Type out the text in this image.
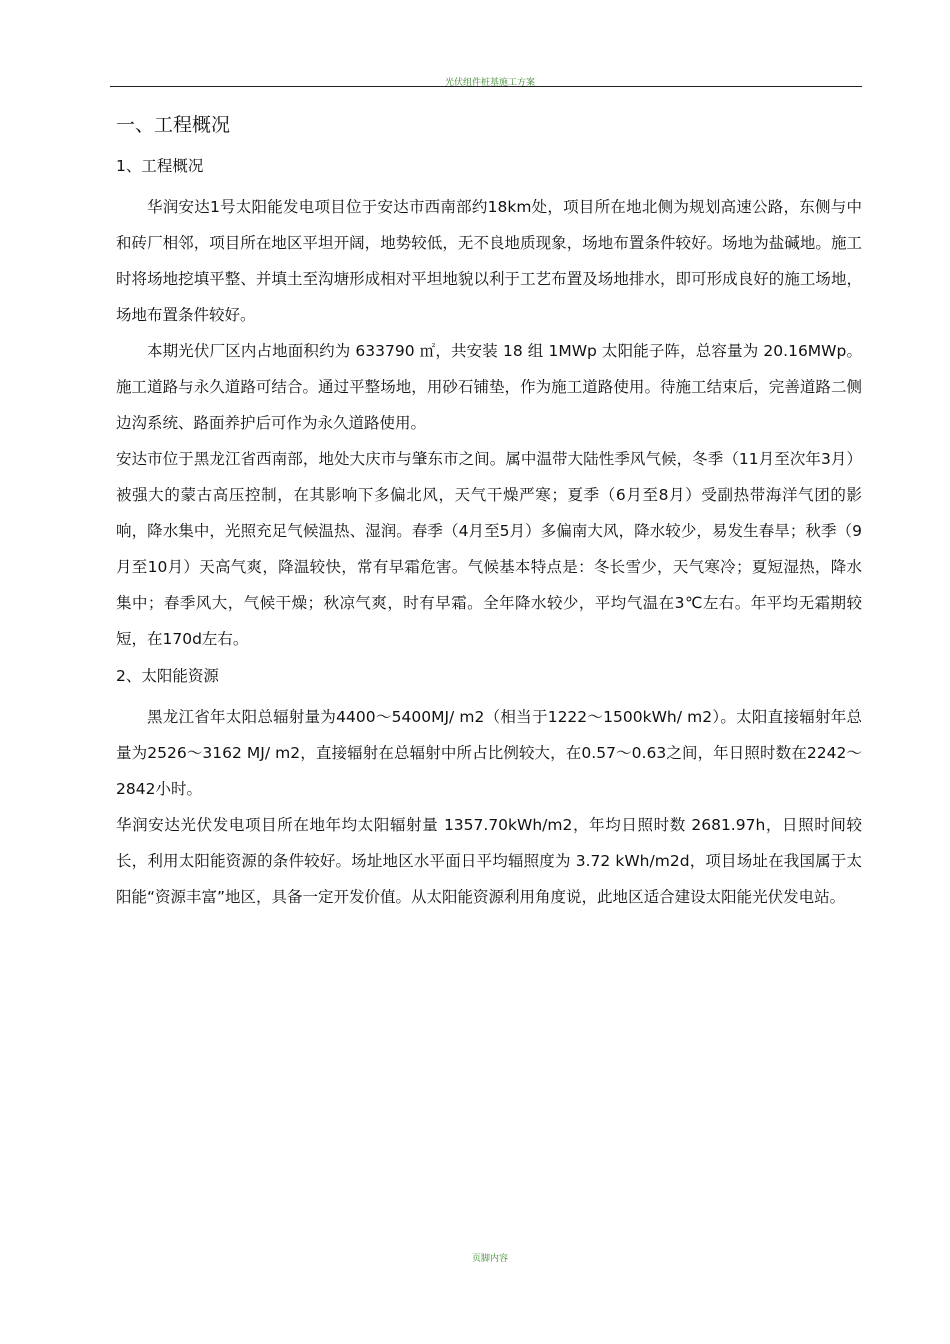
光伏组件桩基施工方案
一、工程概况
1、工程概况

华润安达1号太阳能发电项目位于安达市西南部约18km处，项目所在地北侧为规划高速公路，东侧与中和砖厂相邻，项目所在地区平坦开阔，地势较低，无不良地质现象，场地布置条件较好。场地为盐碱地。施工时将场地挖填平整、并填土至沟塘形成相对平坦地貌以利于工艺布置及场地排水，即可形成良好的施工场地，场地布置条件较好。

本期光伏厂区内占地面积约为 633790 ㎡，共安装 18 组 1MWp 太阳能子阵，总容量为 20.16MWp。施工道路与永久道路可结合。通过平整场地，用砂石铺垫，作为施工道路使用。待施工结束后，完善道路二侧边沟系统、路面养护后可作为永久道路使用。

安达市位于黑龙江省西南部，地处大庆市与肇东市之间。属中温带大陆性季风气候，冬季（11月至次年3月）被强大的蒙古高压控制，在其影响下多偏北风，天气干燥严寒；夏季（6月至8月）受副热带海洋气团的影响，降水集中，光照充足气候温热、湿润。春季（4月至5月）多偏南大风，降水较少，易发生春旱；秋季（9月至10月）天高气爽，降温较快，常有早霜危害。气候基本特点是：冬长雪少，天气寒冷；夏短湿热，降水集中；春季风大，气候干燥；秋凉气爽，时有早霜。全年降水较少，平均气温在3℃左右。年平均无霜期较短，在170d左右。

2、太阳能资源

黑龙江省年太阳总辐射量为4400～5400MJ/ m2（相当于1222～1500kWh/ m2）。太阳直接辐射年总量为2526～3162 MJ/ m2，直接辐射在总辐射中所占比例较大，在0.57～0.63之间，年日照时数在2242～2842小时。

华润安达光伏发电项目所在地年均太阳辐射量 1357.70kWh/m2，年均日照时数 2681.97h，日照时间较长，利用太阳能资源的条件较好。场址地区水平面日平均辐照度为 3.72 kWh/m2d，项目场址在我国属于太阳能“资源丰富”地区，具备一定开发价值。从太阳能资源利用角度说，此地区适合建设太阳能光伏发电站。

页脚内容
